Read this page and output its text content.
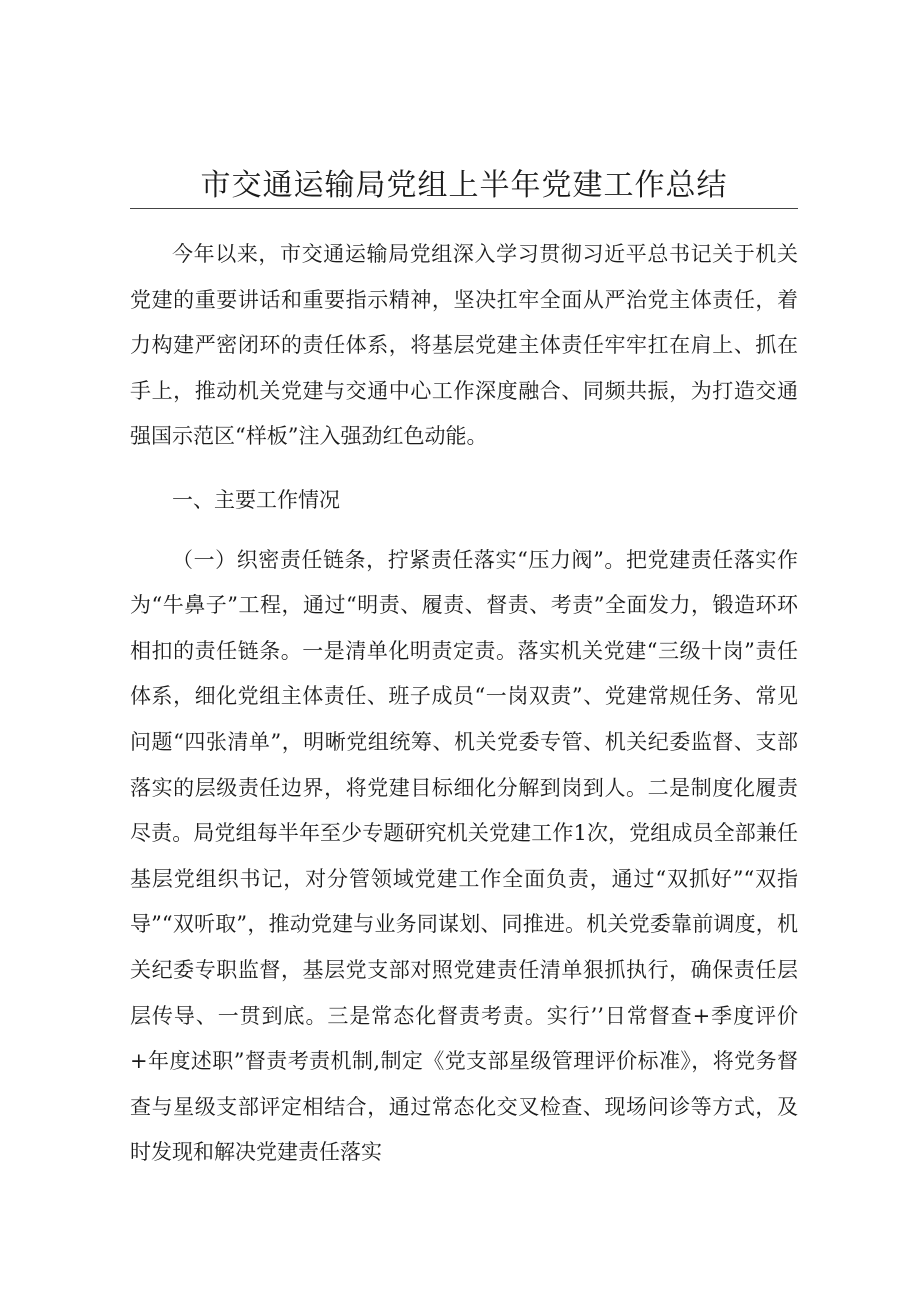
市交通运输局党组上半年党建工作总结

今年以来，市交通运输局党组深入学习贯彻习近平总书记关于机关党建的重要讲话和重要指示精神，坚决扛牢全面从严治党主体责任，着力构建严密闭环的责任体系，将基层党建主体责任牢牢扛在肩上、抓在手上，推动机关党建与交通中心工作深度融合、同频共振，为打造交通强国示范区“样板”注入强劲红色动能。

一、主要工作情况

（一）织密责任链条，拧紧责任落实“压力阀”。把党建责任落实作为“牛鼻子”工程，通过“明责、履责、督责、考责”全面发力，锻造环环相扣的责任链条。一是清单化明责定责。落实机关党建“三级十岗”责任体系，细化党组主体责任、班子成员“一岗双责”、党建常规任务、常见问题“四张清单”，明晰党组统筹、机关党委专管、机关纪委监督、支部落实的层级责任边界，将党建目标细化分解到岗到人。二是制度化履责尽责。局党组每半年至少专题研究机关党建工作1次，党组成员全部兼任基层党组织书记，对分管领域党建工作全面负责，通过“双抓好”“双指导”“双听取”，推动党建与业务同谋划、同推进。机关党委靠前调度，机关纪委专职监督，基层党支部对照党建责任清单狠抓执行，确保责任层层传导、一贯到底。三是常态化督责考责。实行’’日常督查+季度评价+年度述职”督责考责机制,制定《党支部星级管理评价标准》，将党务督查与星级支部评定相结合，通过常态化交叉检查、现场问诊等方式，及时发现和解决党建责任落实
